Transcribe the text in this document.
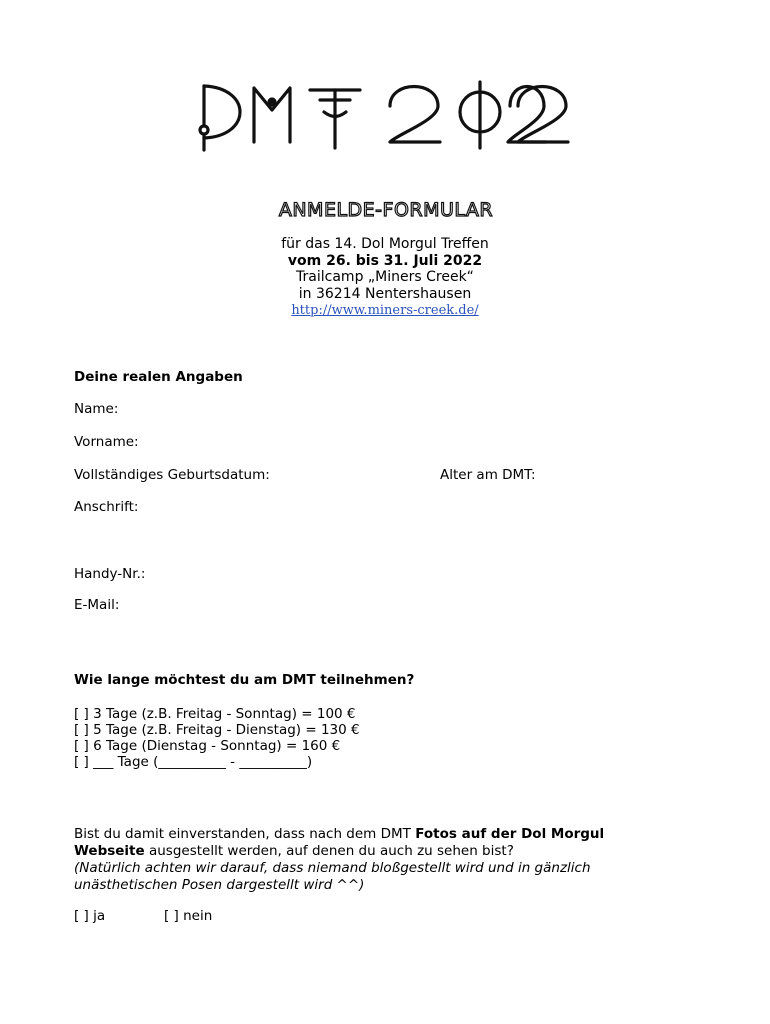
ANMELDE-FORMULAR
für das 14. Dol Morgul Treffen
vom 26. bis 31. Juli 2022
Trailcamp „Miners Creek“
in 36214 Nentershausen
http://www.miners-creek.de/
Deine realen Angaben
Name:
Vorname:
Vollständiges Geburtsdatum:	Alter am DMT:
Anschrift:
Handy-Nr.:
E-Mail:
Wie lange möchtest du am DMT teilnehmen?
[ ] 3 Tage (z.B. Freitag - Sonntag) = 100 €
[ ] 5 Tage (z.B. Freitag - Dienstag) = 130 €
[ ] 6 Tage (Dienstag - Sonntag) = 160 €
[ ] ___ Tage (__________ - __________)
Bist du damit einverstanden, dass nach dem DMT Fotos auf der Dol Morgul Webseite ausgestellt werden, auf denen du auch zu sehen bist?
(Natürlich achten wir darauf, dass niemand bloßgestellt wird und in gänzlich unästhetischen Posen dargestellt wird ^^)
[ ] ja	[ ] nein
